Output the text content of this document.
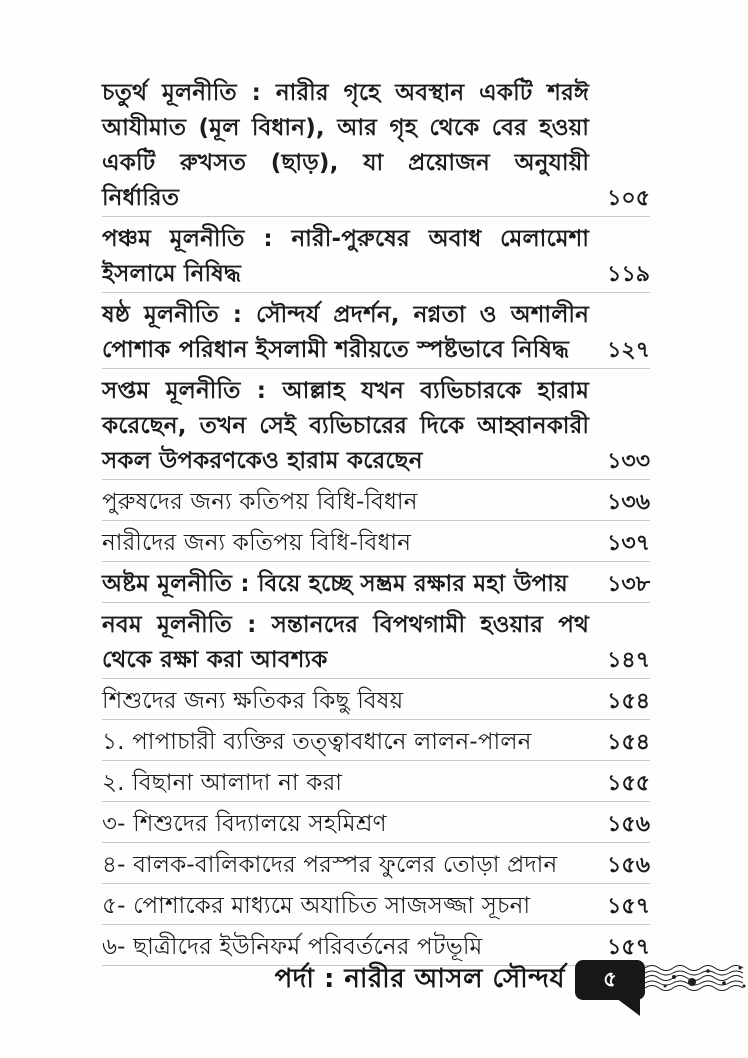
চতুর্থ মূলনীতি : নারীর গৃহে অবস্থান একটি শরঈ আযীমাত (মূল বিধান), আর গৃহ থেকে বের হওয়া একটি রুখসত (ছাড়), যা প্রয়োজন অনুযায়ী নির্ধারিত	১০৫
পঞ্চম মূলনীতি : নারী-পুরুষের অবাধ মেলামেশা ইসলামে নিষিদ্ধ	১১৯
ষষ্ঠ মূলনীতি : সৌন্দর্য প্রদর্শন, নগ্নতা ও অশালীন পোশাক পরিধান ইসলামী শরীয়তে স্পষ্টভাবে নিষিদ্ধ	১২৭
সপ্তম মূলনীতি : আল্লাহ যখন ব্যভিচারকে হারাম করেছেন, তখন সেই ব্যভিচারের দিকে আহ্বানকারী সকল উপকরণকেও হারাম করেছেন	১৩৩
পুরুষদের জন্য কতিপয় বিধি-বিধান	১৩৬
নারীদের জন্য কতিপয় বিধি-বিধান	১৩৭
অষ্টম মূলনীতি : বিয়ে হচ্ছে সম্ভ্রম রক্ষার মহা উপায়	১৩৮
নবম মূলনীতি : সন্তানদের বিপথগামী হওয়ার পথ থেকে রক্ষা করা আবশ্যক	১৪৭
শিশুদের জন্য ক্ষতিকর কিছু বিষয়	১৫৪
১. পাপাচারী ব্যক্তির তত্ত্বাবধানে লালন-পালন	১৫৪
২. বিছানা আলাদা না করা	১৫৫
৩- শিশুদের বিদ্যালয়ে সহমিশ্রণ	১৫৬
৪- বালক-বালিকাদের পরস্পর ফুলের তোড়া প্রদান	১৫৬
৫- পোশাকের মাধ্যমে অযাচিত সাজসজ্জা সূচনা	১৫৭
৬- ছাত্রীদের ইউনিফর্ম পরিবর্তনের পটভূমি	১৫৭
পর্দা : নারীর আসল সৌন্দর্য ৫
